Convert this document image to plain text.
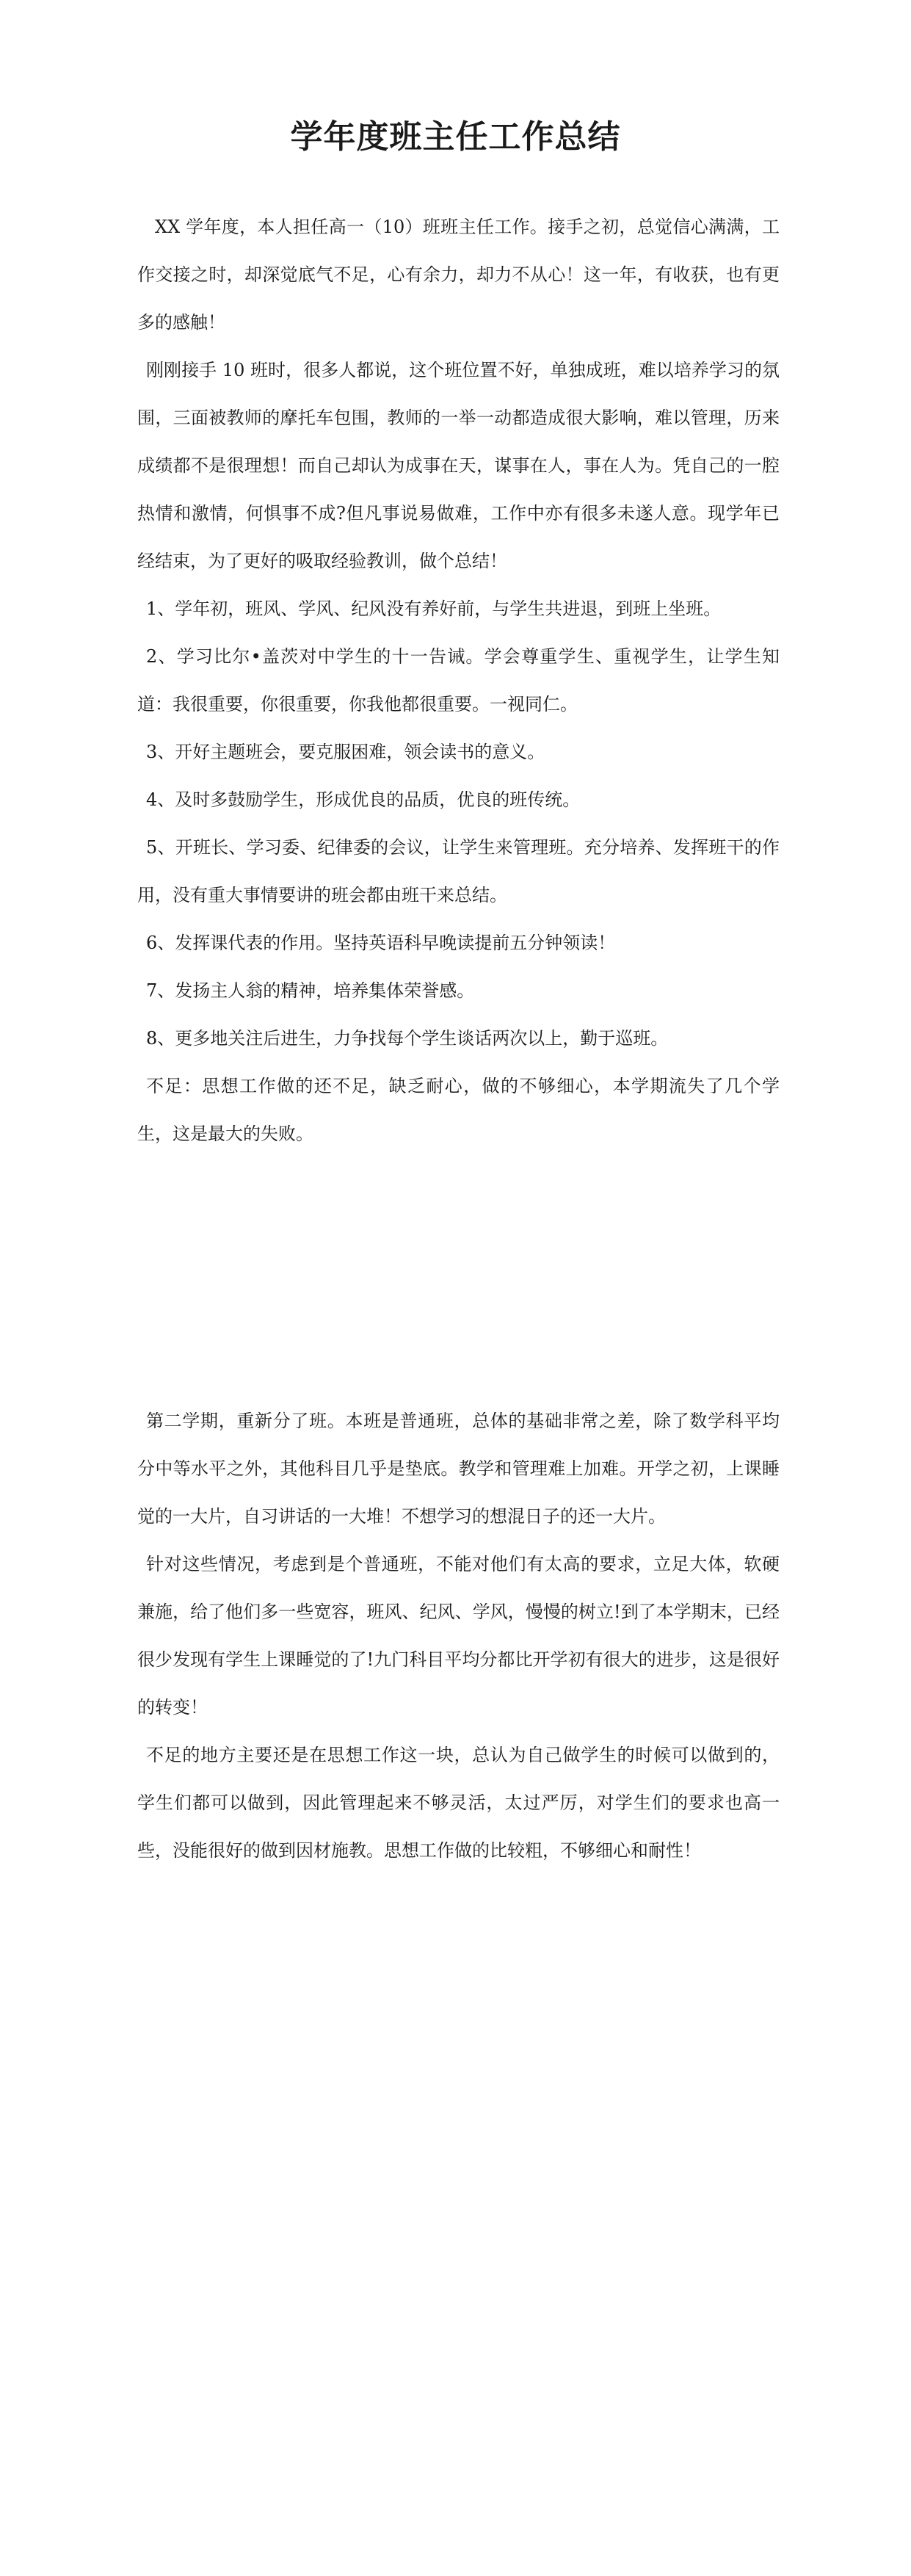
学年度班主任工作总结

XX 学年度，本人担任高一（10）班班主任工作。接手之初，总觉信心满满，工作交接之时，却深觉底气不足，心有余力，却力不从心！这一年，有收获，也有更多的感触！

刚刚接手 10 班时，很多人都说，这个班位置不好，单独成班，难以培养学习的氛围，三面被教师的摩托车包围，教师的一举一动都造成很大影响，难以管理，历来成绩都不是很理想！而自己却认为成事在天，谋事在人，事在人为。凭自己的一腔热情和激情，何惧事不成?但凡事说易做难，工作中亦有很多未遂人意。现学年已经结束，为了更好的吸取经验教训，做个总结！

1、学年初，班风、学风、纪风没有养好前，与学生共进退，到班上坐班。

2、学习比尔•盖茨对中学生的十一告诫。学会尊重学生、重视学生，让学生知道：我很重要，你很重要，你我他都很重要。一视同仁。

3、开好主题班会，要克服困难，领会读书的意义。

4、及时多鼓励学生，形成优良的品质，优良的班传统。

5、开班长、学习委、纪律委的会议，让学生来管理班。充分培养、发挥班干的作用，没有重大事情要讲的班会都由班干来总结。

6、发挥课代表的作用。坚持英语科早晚读提前五分钟领读！

7、发扬主人翁的精神，培养集体荣誉感。

8、更多地关注后进生，力争找每个学生谈话两次以上，勤于巡班。

不足：思想工作做的还不足，缺乏耐心，做的不够细心，本学期流失了几个学生，这是最大的失败。

第二学期，重新分了班。本班是普通班，总体的基础非常之差，除了数学科平均分中等水平之外，其他科目几乎是垫底。教学和管理难上加难。开学之初，上课睡觉的一大片，自习讲话的一大堆！不想学习的想混日子的还一大片。

针对这些情况，考虑到是个普通班，不能对他们有太高的要求，立足大体，软硬兼施，给了他们多一些宽容，班风、纪风、学风，慢慢的树立!到了本学期末，已经很少发现有学生上课睡觉的了!九门科目平均分都比开学初有很大的进步，这是很好的转变！

不足的地方主要还是在思想工作这一块，总认为自己做学生的时候可以做到的，学生们都可以做到，因此管理起来不够灵活，太过严厉，对学生们的要求也高一些，没能很好的做到因材施教。思想工作做的比较粗，不够细心和耐性！
